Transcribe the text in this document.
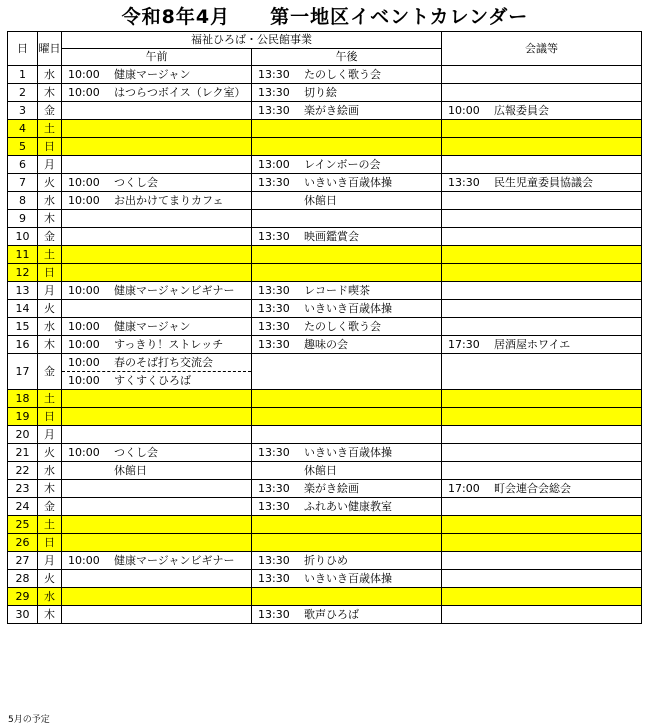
令和8年4月　　第一地区イベントカレンダー
日	曜日	福祉ひろば・公民館事業		会議等
		午前	午後	
1	水	10:00 健康マージャン	13:30 たのしく歌う会	
2	木	10:00 はつらつボイス（レク室）	13:30 切り絵	
3	金		13:30 楽がき絵画	10:00 広報委員会
4	土			
5	日			
6	月		13:00 レインボーの会	
7	火	10:00 つくし会	13:30 いきいき百歳体操	13:30 民生児童委員協議会
8	水	10:00 お出かけてまりカフェ	休館日	
9	木			
10	金		13:30 映画鑑賞会	
11	土			
12	日			
13	月	10:00 健康マージャンビギナー	13:30 レコード喫茶	
14	火		13:30 いきいき百歳体操	
15	水	10:00 健康マージャン	13:30 たのしく歌う会	
16	木	10:00 すっきり！ストレッチ	13:30 趣味の会	17:30 居酒屋ホワイエ
17	金	10:00 春のそば打ち交流会		
		10:00 すくすくひろば		
18	土			
19	日			
20	月			
21	火	10:00 つくし会	13:30 いきいき百歳体操	
22	水	休館日	休館日	
23	木		13:30 楽がき絵画	17:00 町会連合会総会
24	金		13:30 ふれあい健康教室	
25	土			
26	日			
27	月	10:00 健康マージャンビギナー	13:30 折りひめ	
28	火		13:30 いきいき百歳体操	
29	水			
30	木		13:30 歌声ひろば	
5月の予定
